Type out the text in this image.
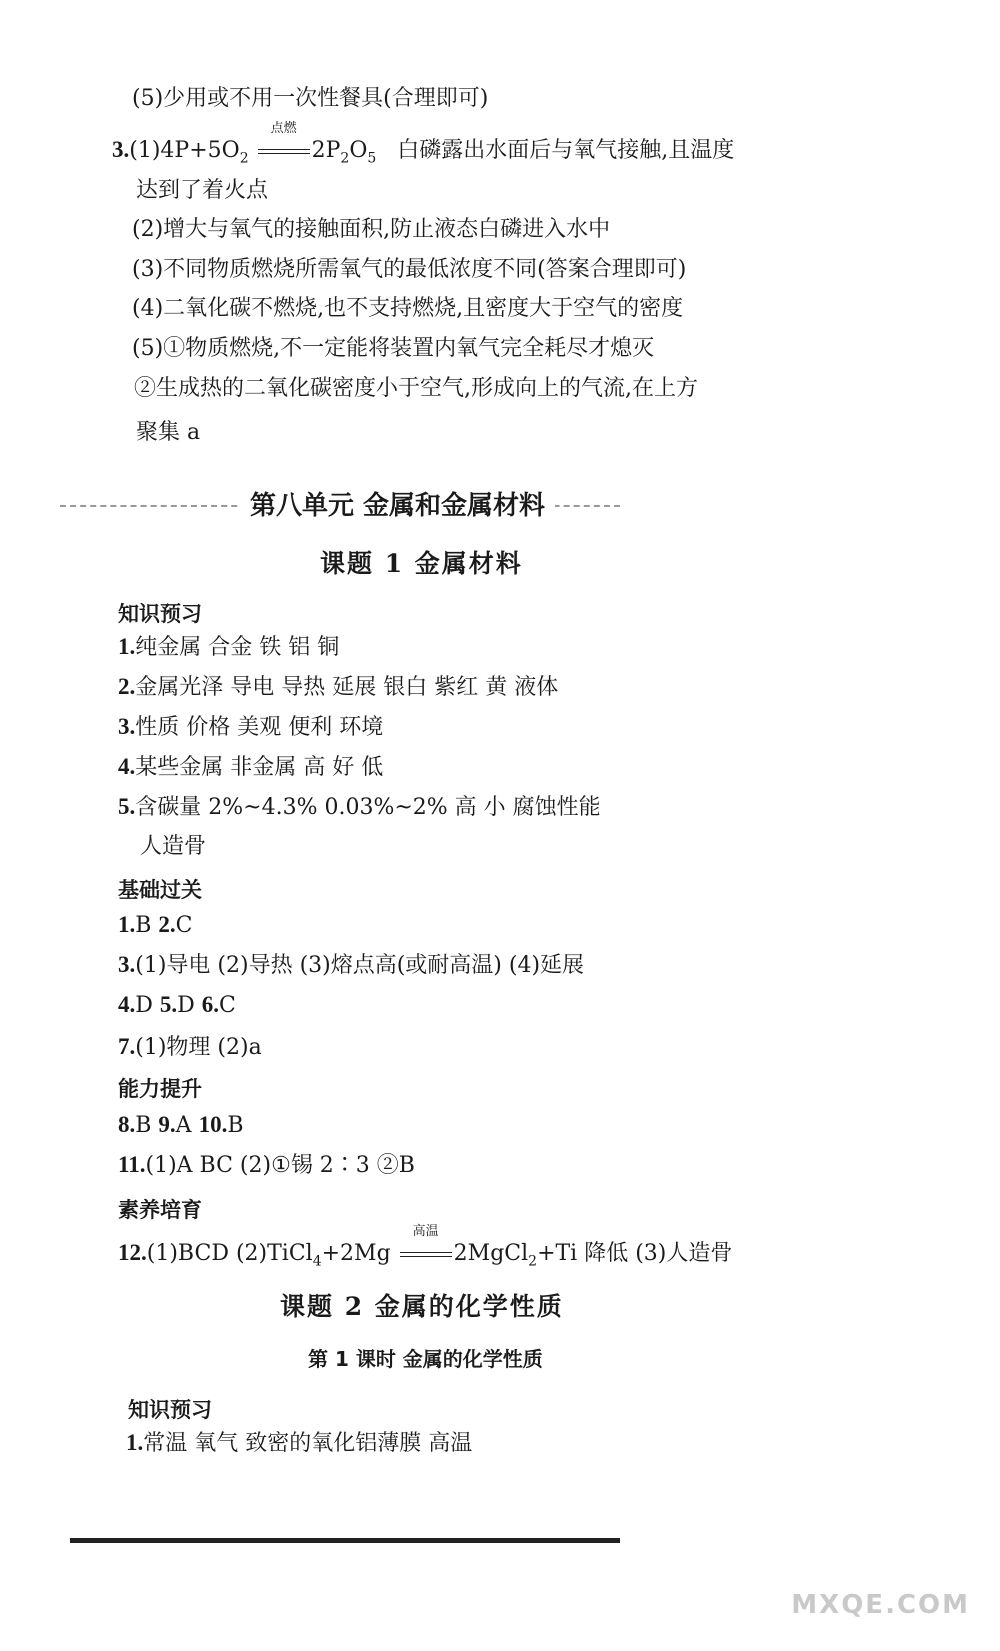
(5)少用或不用一次性餐具(合理即可)
$3.(1)4P+5O_2$
点燃
$2P_2O_5$ 白磷露出水面后与氧气接触,且温度
达到了着火点
(2)增大与氧气的接触面积,防止液态白磷进入水中
(3)不同物质燃烧所需氧气的最低浓度不同(答案合理即可)
(4)二氧化碳不燃烧,也不支持燃烧,且密度大于空气的密度
(5)①物质燃烧,不一定能将装置内氧气完全耗尽才熄灭
②生成热的二氧化碳密度小于空气,形成向上的气流,在上方
聚集 a
第八单元 金属和金属材料
课题 1 金属材料
知识预习
1.纯金属 合金 铁 铝 铜
2.金属光泽 导电 导热 延展 银白 紫红 黄 液体
3.性质 价格 美观 便利 环境
4.某些金属 非金属 高 好 低
5.含碳量 2%~4.3% 0.03%~2% 高 小 腐蚀性能
人造骨
基础过关
1.B 2.C
3.(1)导电 (2)导热 (3)熔点高(或耐高温) (4)延展
4.D 5.D 6.C
7.(1)物理 (2)a
能力提升
8.B 9.A 10.B
11.(1)A BC (2)①锡 2∶3 ②B
素养培育
12.(1)BCD (2)TiCl$_4$+2Mg
高温
2MgCl$_2$+Ti 降低 (3)人造骨
课题 2 金属的化学性质
第 1 课时 金属的化学性质
知识预习
1.常温 氧气 致密的氧化铝薄膜 高温
MXQE.COM
